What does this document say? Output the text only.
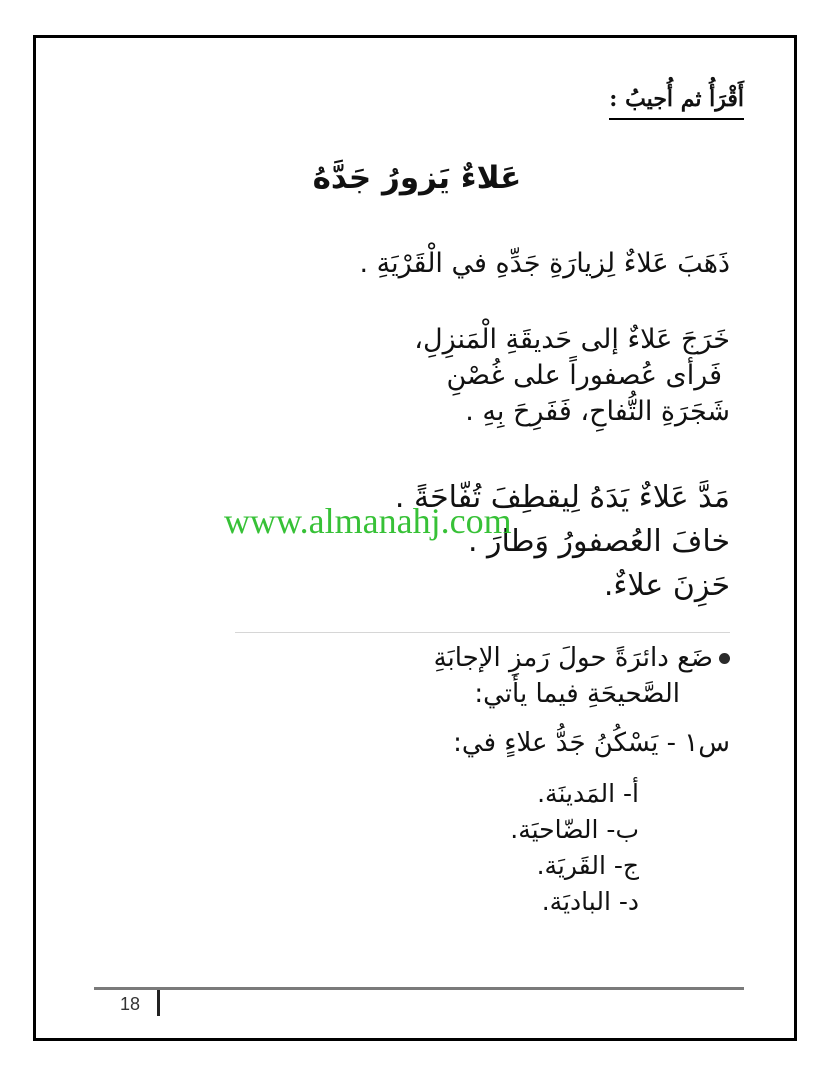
أَقْرَأُ ثم أُجيبُ :
عَلاءٌ يَزورُ جَدَّهُ
ذَهَبَ عَلاءٌ لِزيارَةِ جَدِّهِ في الْقَرْيَةِ .
خَرَجَ عَلاءٌ إلى حَديقَةِ الْمَنزِلِ،
فَرأى عُصفوراً على غُصْنِ
شَجَرَةِ التُّفاحِ، فَفَرِحَ بِهِ .
مَدَّ عَلاءٌ يَدَهُ لِيقطِفَ تُفّاحَةً .
خافَ العُصفورُ وَطارَ .
حَزِنَ علاءٌ.
www.almanahj.com
ضَع دائرَةً حولَ رَمزِ الإجابَةِ
الصَّحيحَةِ فيما يأتي:
س١ - يَسْكُنُ جَدُّ علاءٍ في:
أ- المَدينَة.
ب- الضّاحيَة.
ج- القَريَة.
د- الباديَة.
18
